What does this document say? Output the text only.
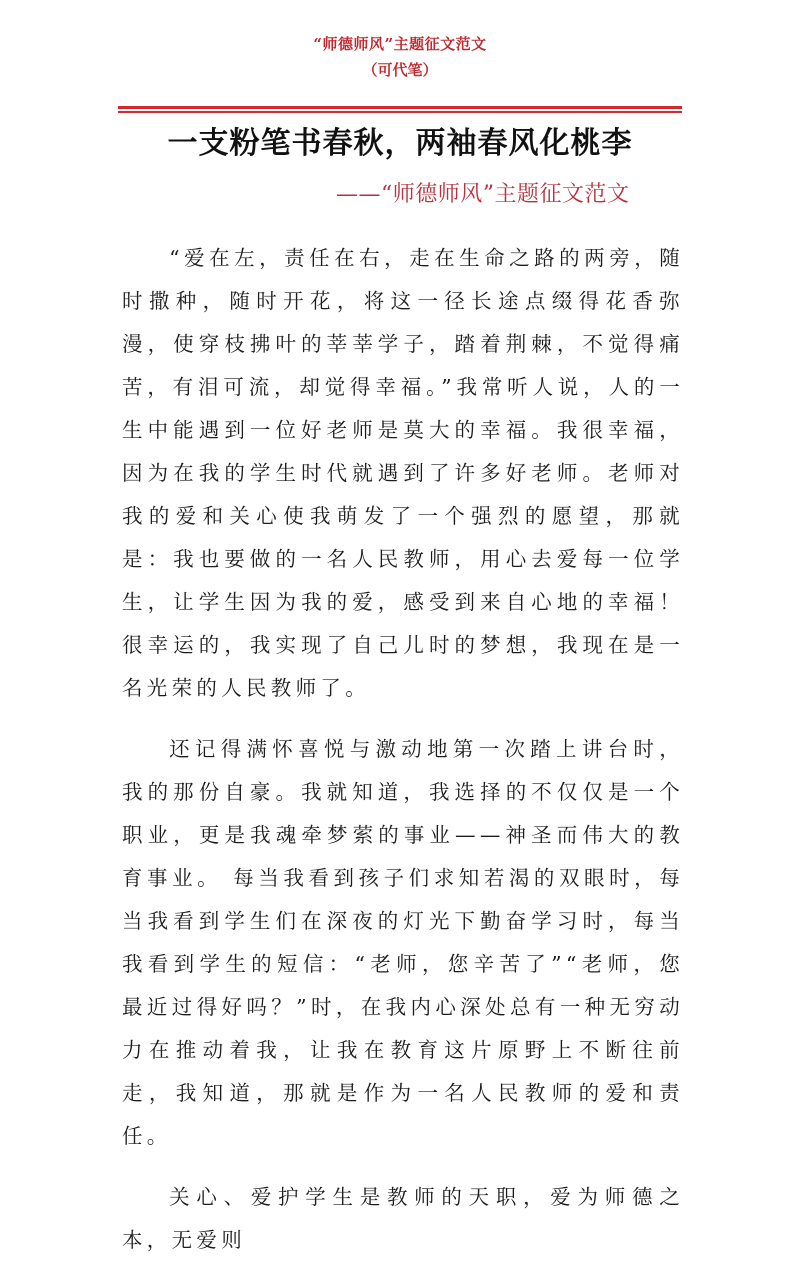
“师德师风”主题征文范文
（可代笔）
一支粉笔书春秋，两袖春风化桃李
——“师德师风”主题征文范文

“爱在左，责任在右，走在生命之路的两旁，随时撒种，随时开花，将这一径长途点缀得花香弥漫，使穿枝拂叶的莘莘学子，踏着荆棘，不觉得痛苦，有泪可流，却觉得幸福。”我常听人说，人的一生中能遇到一位好老师是莫大的幸福。我很幸福，因为在我的学生时代就遇到了许多好老师。老师对我的爱和关心使我萌发了一个强烈的愿望，那就是：我也要做的一名人民教师，用心去爱每一位学生，让学生因为我的爱，感受到来自心地的幸福！ 很幸运的，我实现了自己儿时的梦想，我现在是一名光荣的人民教师了。

还记得满怀喜悦与激动地第一次踏上讲台时，我的那份自豪。我就知道，我选择的不仅仅是一个职业，更是我魂牵梦萦的事业——神圣而伟大的教育事业。 每当我看到孩子们求知若渴的双眼时，每当我看到学生们在深夜的灯光下勤奋学习时，每当我看到学生的短信：“老师，您辛苦了”“老师，您最近过得好吗？”时，在我内心深处总有一种无穷动力在推动着我，让我在教育这片原野上不断往前走，我知道，那就是作为一名人民教师的爱和责任。

关心、爱护学生是教师的天职，爱为师德之本，无爱则
